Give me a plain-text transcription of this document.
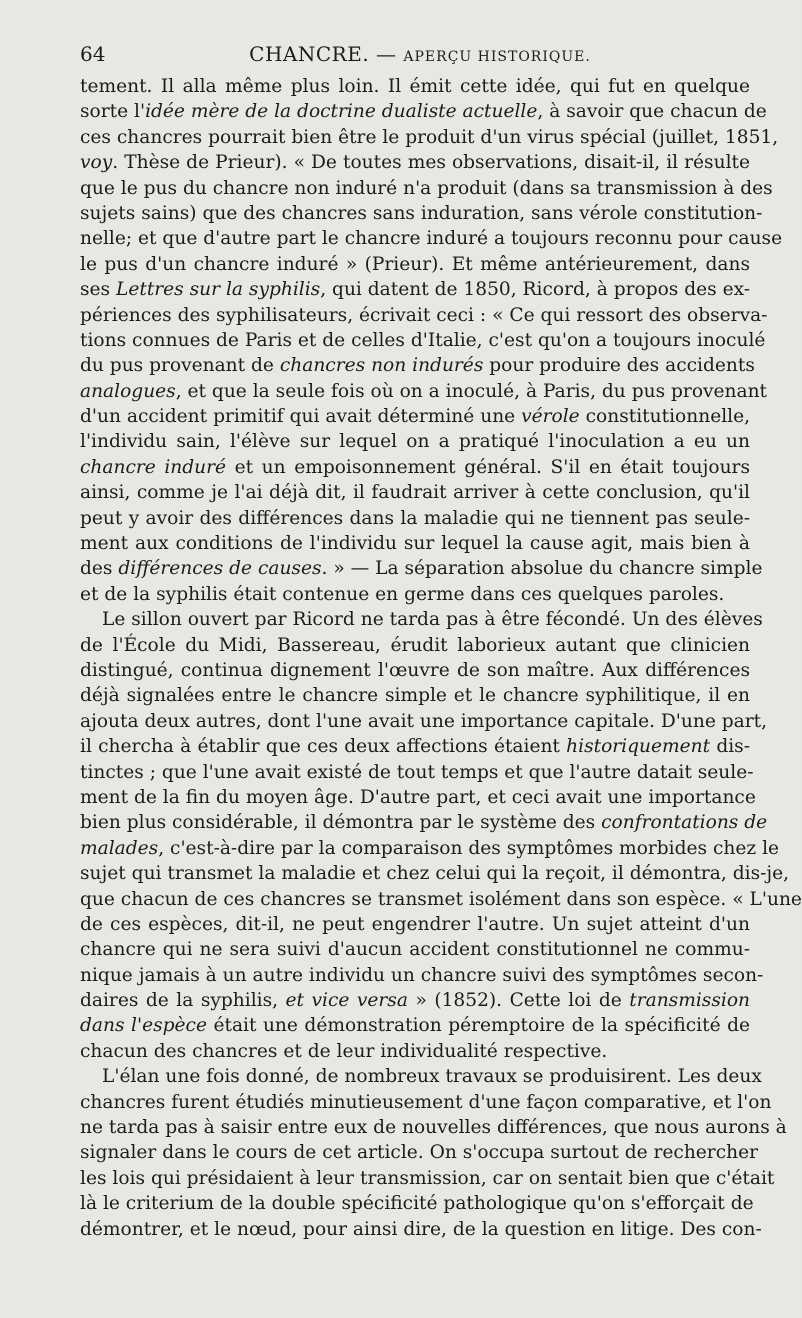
64	CHANCRE. — APERÇU HISTORIQUE.
tement. Il alla même plus loin. Il émit cette idée, qui fut en quelque
sorte l'idée mère de la doctrine dualiste actuelle, à savoir que chacun de
ces chancres pourrait bien être le produit d'un virus spécial (juillet, 1851,
voy. Thèse de Prieur). « De toutes mes observations, disait-il, il résulte
que le pus du chancre non induré n'a produit (dans sa transmission à des
sujets sains) que des chancres sans induration, sans vérole constitution-
nelle; et que d'autre part le chancre induré a toujours reconnu pour cause
le pus d'un chancre induré » (Prieur). Et même antérieurement, dans
ses Lettres sur la syphilis, qui datent de 1850, Ricord, à propos des ex-
périences des syphilisateurs, écrivait ceci : « Ce qui ressort des observa-
tions connues de Paris et de celles d'Italie, c'est qu'on a toujours inoculé
du pus provenant de chancres non indurés pour produire des accidents
analogues, et que la seule fois où on a inoculé, à Paris, du pus provenant
d'un accident primitif qui avait déterminé une vérole constitutionnelle,
l'individu sain, l'élève sur lequel on a pratiqué l'inoculation a eu un
chancre induré et un empoisonnement général. S'il en était toujours
ainsi, comme je l'ai déjà dit, il faudrait arriver à cette conclusion, qu'il
peut y avoir des différences dans la maladie qui ne tiennent pas seule-
ment aux conditions de l'individu sur lequel la cause agit, mais bien à
des différences de causes. » — La séparation absolue du chancre simple
et de la syphilis était contenue en germe dans ces quelques paroles.
Le sillon ouvert par Ricord ne tarda pas à être fécondé. Un des élèves
de l'École du Midi, Bassereau, érudit laborieux autant que clinicien
distingué, continua dignement l'œuvre de son maître. Aux différences
déjà signalées entre le chancre simple et le chancre syphilitique, il en
ajouta deux autres, dont l'une avait une importance capitale. D'une part,
il chercha à établir que ces deux affections étaient historiquement dis-
tinctes ; que l'une avait existé de tout temps et que l'autre datait seule-
ment de la fin du moyen âge. D'autre part, et ceci avait une importance
bien plus considérable, il démontra par le système des confrontations de
malades, c'est-à-dire par la comparaison des symptômes morbides chez le
sujet qui transmet la maladie et chez celui qui la reçoit, il démontra, dis-je,
que chacun de ces chancres se transmet isolément dans son espèce. « L'une
de ces espèces, dit-il, ne peut engendrer l'autre. Un sujet atteint d'un
chancre qui ne sera suivi d'aucun accident constitutionnel ne commu-
nique jamais à un autre individu un chancre suivi des symptômes secon-
daires de la syphilis, et vice versa » (1852). Cette loi de transmission
dans l'espèce était une démonstration péremptoire de la spécificité de
chacun des chancres et de leur individualité respective.
L'élan une fois donné, de nombreux travaux se produisirent. Les deux
chancres furent étudiés minutieusement d'une façon comparative, et l'on
ne tarda pas à saisir entre eux de nouvelles différences, que nous aurons à
signaler dans le cours de cet article. On s'occupa surtout de rechercher
les lois qui présidaient à leur transmission, car on sentait bien que c'était
là le criterium de la double spécificité pathologique qu'on s'efforçait de
démontrer, et le nœud, pour ainsi dire, de la question en litige. Des con-
